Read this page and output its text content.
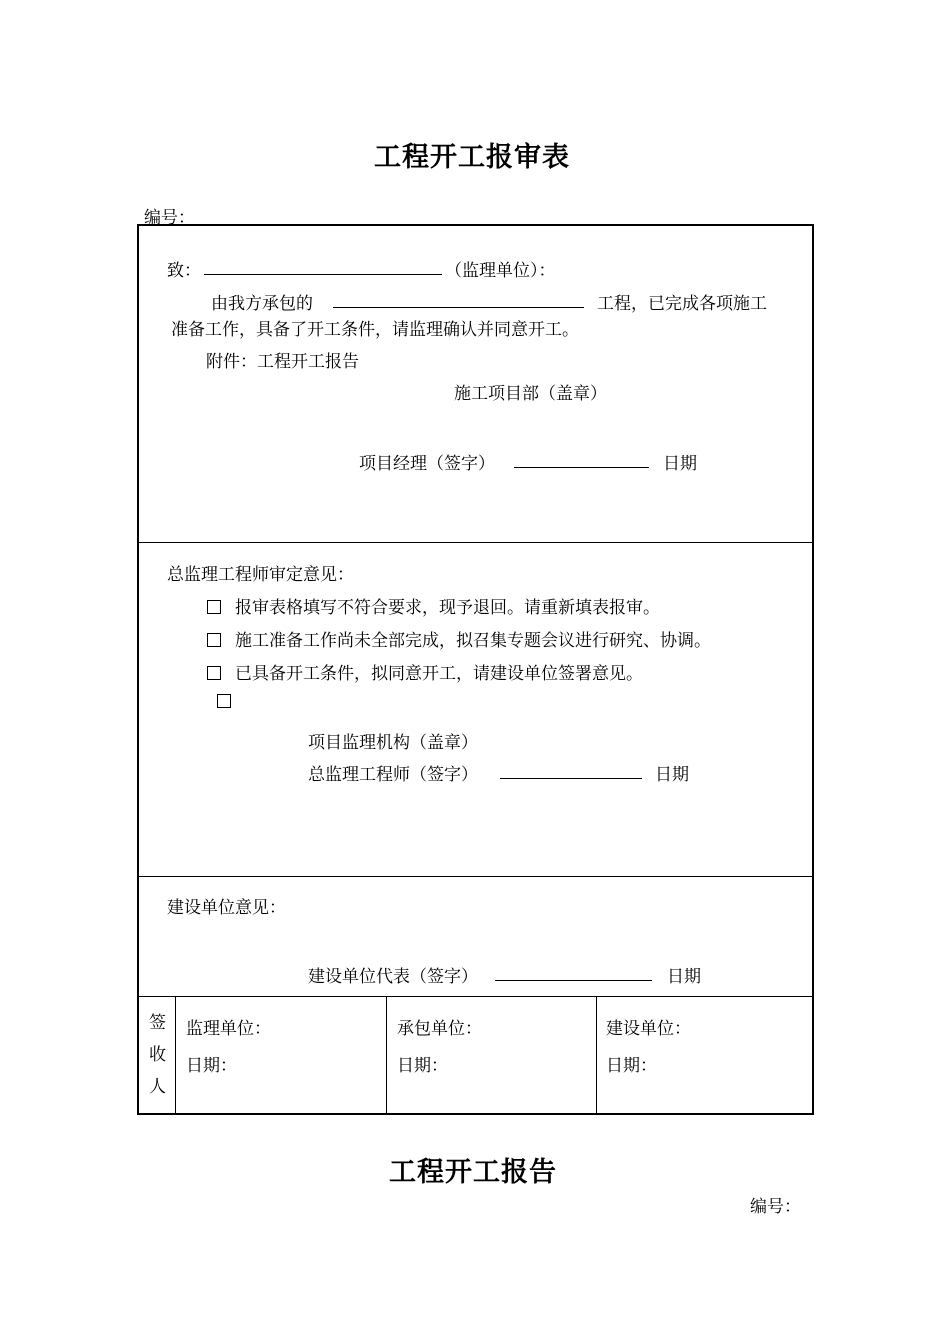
工程开工报审表
编号：
致：	（监理单位）：
由我方承包的	工程，已完成各项施工
准备工作，具备了开工条件，请监理确认并同意开工。
附件：工程开工报告
施工项目部（盖章）
项目经理（签字）	日期
总监理工程师审定意见：
报审表格填写不符合要求，现予退回。请重新填表报审。
施工准备工作尚未全部完成，拟召集专题会议进行研究、协调。
已具备开工条件，拟同意开工，请建设单位签署意见。
项目监理机构（盖章）
总监理工程师（签字）	日期
建设单位意见：
建设单位代表（签字）	日期
签
收
人
监理单位：
日期：
承包单位：
日期：
建设单位：
日期：
工程开工报告
编号：
